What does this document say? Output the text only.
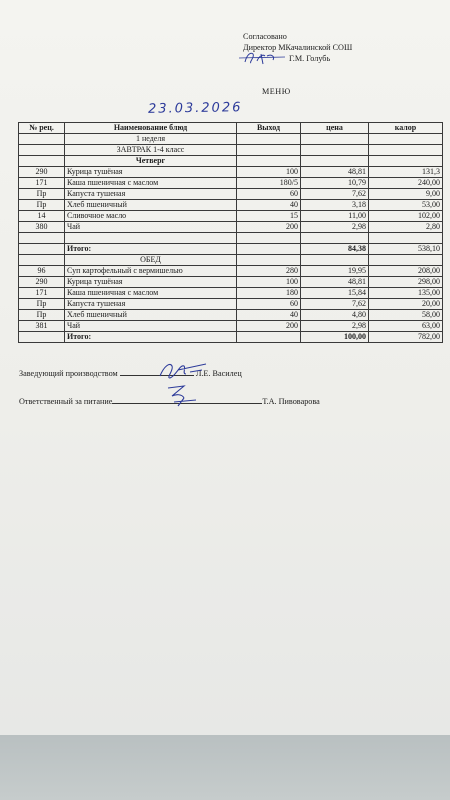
Согласовано
Директор МКачалинской СОШ
Г.М. Голубь
МЕНЮ
23.03.2026
№ рец.	Наименование блюд	Выход	цена	калор
	1 неделя			
	ЗАВТРАК 1-4 класс			
	Четверг			
290	Курица тушёная	100	48,81	131,3
171	Каша пшеничная с маслом	180/5	10,79	240,00
Пр	Капуста тушеная	60	7,62	9,00
Пр	Хлеб пшеничный	40	3,18	53,00
14	Сливочное масло	15	11,00	102,00
380	Чай	200	2,98	2,80

	Итого:		84,38	538,10
	ОБЕД			
96	Суп картофельный с вермишелью	280	19,95	208,00
290	Курица тушёная	100	48,81	298,00
171	Каша пшеничная с маслом	180	15,84	135,00
Пр	Капуста тушеная	60	7,62	20,00
Пр	Хлеб пшеничный	40	4,80	58,00
381	Чай	200	2,98	63,00
	Итого:		100,00	782,00
Заведующий производством	Л.Е. Василец
Ответственный за питание	Т.А. Пивоварова
